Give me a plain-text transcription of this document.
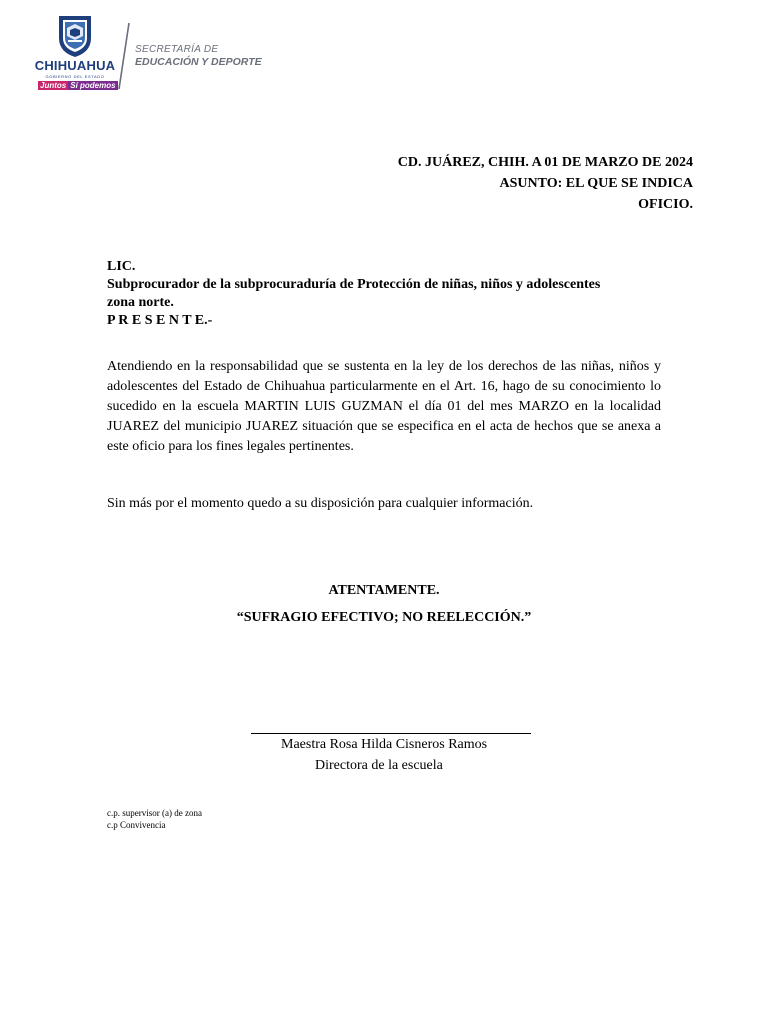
CHIHUAHUA
GOBIERNO DEL ESTADO
Juntos Sí podemos
SECRETARÍA DE
EDUCACIÓN Y DEPORTE
CD. JUÁREZ, CHIH. A 01 DE MARZO DE 2024
ASUNTO: EL QUE SE INDICA
OFICIO.
LIC.
Subprocurador de la subprocuraduría de Protección de niñas, niños y adolescentes
zona norte.
P R E S E N T E.-
Atendiendo en la responsabilidad que se sustenta en la ley de los derechos de las niñas, niños y adolescentes del Estado de Chihuahua particularmente en el Art. 16, hago de su conocimiento lo sucedido en la escuela MARTIN LUIS GUZMAN el día 01 del mes MARZO en la localidad JUAREZ del municipio JUAREZ situación que se especifica en el acta de hechos que se anexa a este oficio para los fines legales pertinentes.
Sin más por el momento quedo a su disposición para cualquier información.
ATENTAMENTE.
“SUFRAGIO EFECTIVO; NO REELECCIÓN.”
Maestra Rosa Hilda Cisneros Ramos
Directora de la escuela
c.p. supervisor (a) de zona
c.p Convivencia
